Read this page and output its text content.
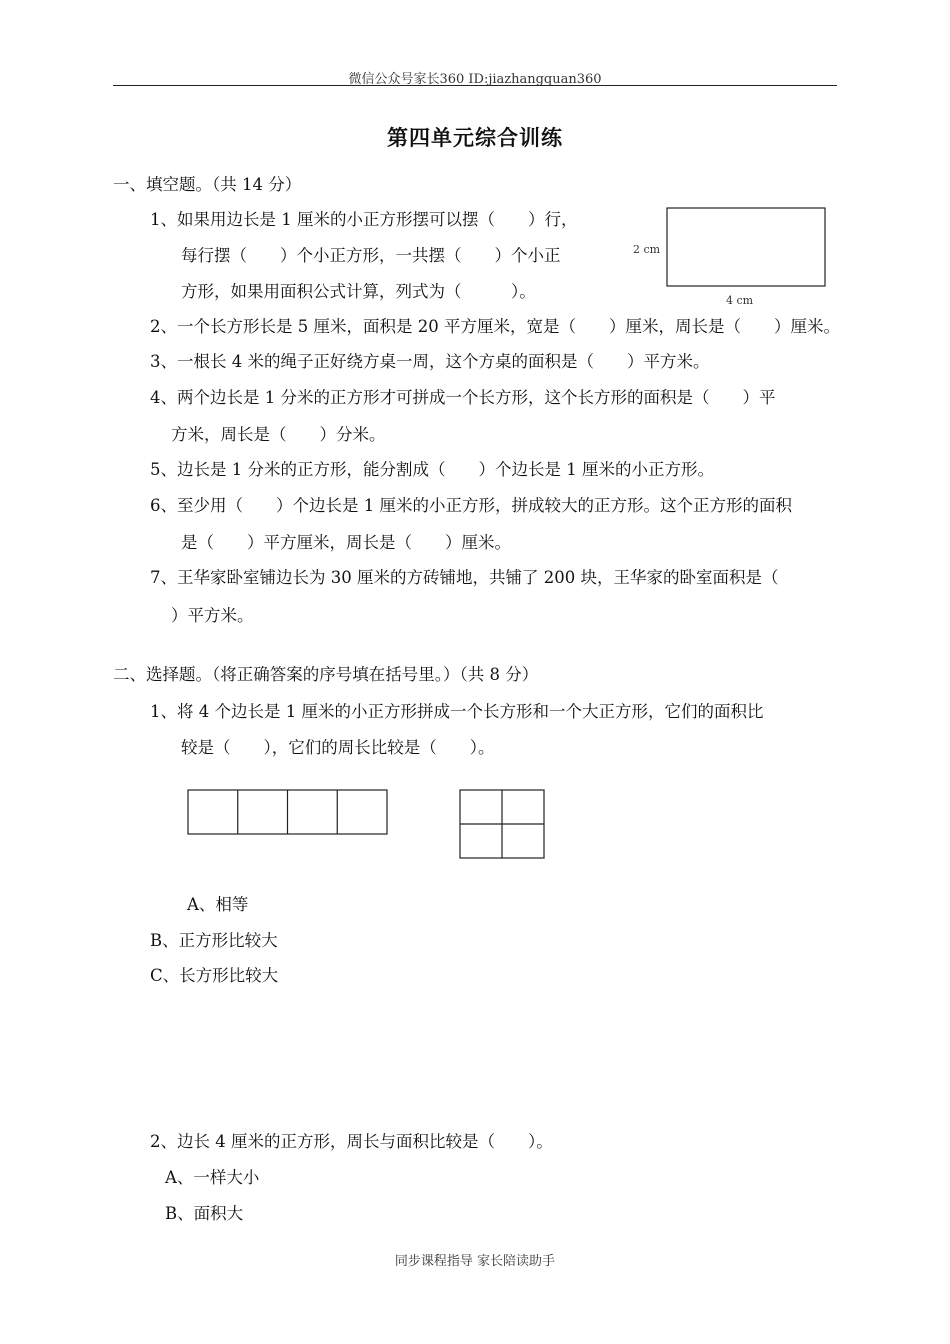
微信公众号家长360 ID:jiazhangquan360
第四单元综合训练
一、填空题。（共 14 分）
1、如果用边长是 1 厘米的小正方形摆可以摆（　　）行，
每行摆（　　）个小正方形，一共摆（　　）个小正
方形，如果用面积公式计算，列式为（　　　）。
2 cm
4 cm
2、一个长方形长是 5 厘米，面积是 20 平方厘米，宽是（　　）厘米，周长是（　　）厘米。
3、一根长 4 米的绳子正好绕方桌一周，这个方桌的面积是（　　）平方米。
4、两个边长是 1 分米的正方形才可拼成一个长方形，这个长方形的面积是（　　）平
方米，周长是（　　）分米。
5、边长是 1 分米的正方形，能分割成（　　）个边长是 1 厘米的小正方形。
6、至少用（　　）个边长是 1 厘米的小正方形，拼成较大的正方形。这个正方形的面积
是（　　）平方厘米，周长是（　　）厘米。
7、王华家卧室铺边长为 30 厘米的方砖铺地，共铺了 200 块，王华家的卧室面积是（
）平方米。
二、选择题。（将正确答案的序号填在括号里。）（共 8 分）
1、将 4 个边长是 1 厘米的小正方形拼成一个长方形和一个大正方形，它们的面积比
较是（　　），它们的周长比较是（　　）。
A、相等
B、正方形比较大
C、长方形比较大
2、边长 4 厘米的正方形，周长与面积比较是（　　）。
A、一样大小
B、面积大
同步课程指导 家长陪读助手
